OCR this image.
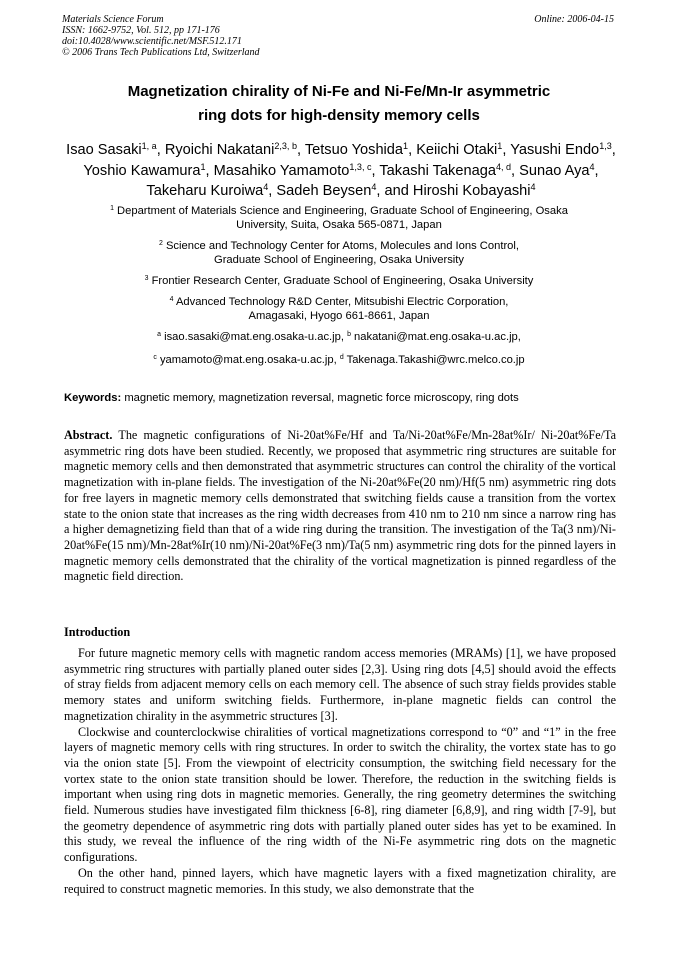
Materials Science Forum
ISSN: 1662-9752, Vol. 512, pp 171-176
doi:10.4028/www.scientific.net/MSF.512.171
© 2006 Trans Tech Publications Ltd, Switzerland
Online: 2006-04-15
Magnetization chirality of Ni-Fe and Ni-Fe/Mn-Ir asymmetric
ring dots for high-density memory cells
Isao Sasaki$^{1, a}$, Ryoichi Nakatani$^{2,3, b}$, Tetsuo Yoshida$^1$, Keiichi Otaki$^1$, Yasushi Endo$^{1,3}$, Yoshio Kawamura$^1$, Masahiko Yamamoto$^{1,3, c}$, Takashi Takenaga$^{4, d}$, Sunao Aya$^4$, Takeharu Kuroiwa$^4$, Sadeh Beysen$^4$, and Hiroshi Kobayashi$^4$
$^1$ Department of Materials Science and Engineering, Graduate School of Engineering, Osaka
University, Suita, Osaka 565-0871, Japan
$^2$ Science and Technology Center for Atoms, Molecules and Ions Control,
Graduate School of Engineering, Osaka University
$^3$ Frontier Research Center, Graduate School of Engineering, Osaka University
$^4$ Advanced Technology R&D Center, Mitsubishi Electric Corporation,
Amagasaki, Hyogo 661-8661, Japan
$^a$ isao.sasaki@mat.eng.osaka-u.ac.jp, $^b$ nakatani@mat.eng.osaka-u.ac.jp,
$^c$ yamamoto@mat.eng.osaka-u.ac.jp, $^d$ Takenaga.Takashi@wrc.melco.co.jp
Keywords: magnetic memory, magnetization reversal, magnetic force microscopy, ring dots
Abstract. The magnetic configurations of Ni-20at%Fe/Hf and Ta/Ni-20at%Fe/Mn-28at%Ir/ Ni-20at%Fe/Ta asymmetric ring dots have been studied. Recently, we proposed that asymmetric ring structures are suitable for magnetic memory cells and then demonstrated that asymmetric structures can control the chirality of the vortical magnetization with in-plane fields. The investigation of the Ni-20at%Fe(20 nm)/Hf(5 nm) asymmetric ring dots for free layers in magnetic memory cells demonstrated that switching fields cause a transition from the vortex state to the onion state that increases as the ring width decreases from 410 nm to 210 nm since a narrow ring has a higher demagnetizing field than that of a wide ring during the transition. The investigation of the Ta(3 nm)/Ni-20at%Fe(15 nm)/Mn-28at%Ir(10 nm)/Ni-20at%Fe(3 nm)/Ta(5 nm) asymmetric ring dots for the pinned layers in magnetic memory cells demonstrated that the chirality of the vortical magnetization is pinned regardless of the magnetic field direction.
Introduction

For future magnetic memory cells with magnetic random access memories (MRAMs) [1], we have proposed asymmetric ring structures with partially planed outer sides [2,3]. Using ring dots [4,5] should avoid the effects of stray fields from adjacent memory cells on each memory cell. The absence of such stray fields provides stable memory states and uniform switching fields. Furthermore, in-plane magnetic fields can control the magnetization chirality in the asymmetric structures [3].

Clockwise and counterclockwise chiralities of vortical magnetizations correspond to “0” and “1” in the free layers of magnetic memory cells with ring structures. In order to switch the chirality, the vortex state has to go via the onion state [5]. From the viewpoint of electricity consumption, the switching field necessary for the vortex state to the onion state transition should be lower. Therefore, the reduction in the switching fields is important when using ring dots in magnetic memories. Generally, the ring geometry determines the switching field. Numerous studies have investigated film thickness [6-8], ring diameter [6,8,9], and ring width [7-9], but the geometry dependence of asymmetric ring dots with partially planed outer sides has yet to be examined. In this study, we reveal the influence of the ring width of the Ni-Fe asymmetric ring dots on the magnetic configurations.

On the other hand, pinned layers, which have magnetic layers with a fixed magnetization chirality, are required to construct magnetic memories. In this study, we also demonstrate that the
